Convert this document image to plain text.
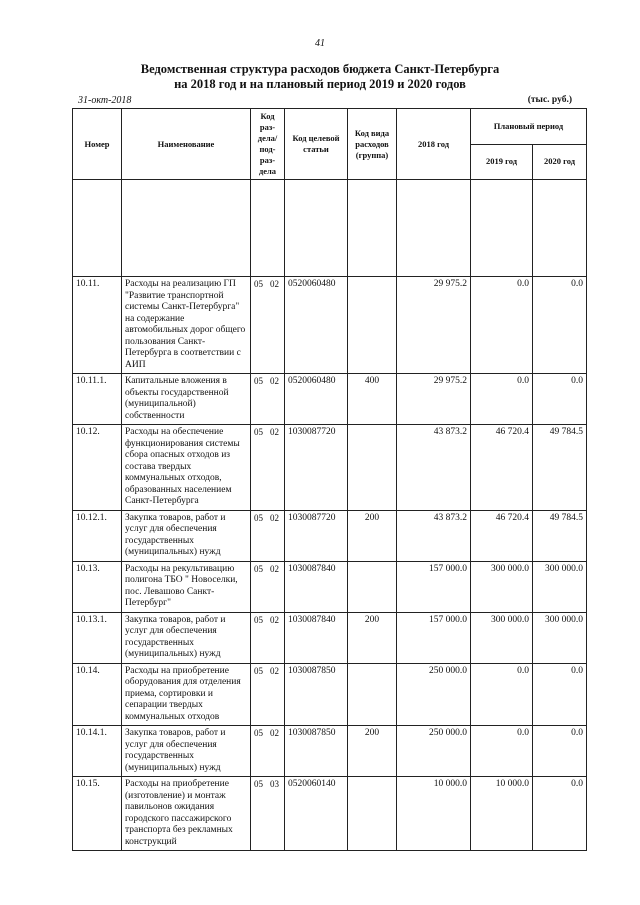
41
Ведомственная структура расходов бюджета Санкт-Петербурга
на 2018 год и на плановый период 2019 и 2020 годов
31-окт-2018	(тыс. руб.)
Номер	Наименование	Код раз-дела/ под-раз-дела	Код целевой статьи	Код вида расходов (группа)	2018 год	Плановый период	
						2019 год	2020 год

10.11.	Расходы на реализацию ГП "Развитие транспортной системы Санкт-Петербурга" на содержание автомобильных дорог общего пользования Санкт-Петербурга в соответствии с АИП	05 02	0520060480		29 975.2	0.0	0.0
10.11.1.	Капитальные вложения в объекты государственной (муниципальной) собственности	05 02	0520060480	400	29 975.2	0.0	0.0
10.12.	Расходы на обеспечение функционирования системы сбора опасных отходов из состава твердых коммунальных отходов, образованных населением Санкт-Петербурга	05 02	1030087720		43 873.2	46 720.4	49 784.5
10.12.1.	Закупка товаров, работ и услуг для обеспечения государственных (муниципальных) нужд	05 02	1030087720	200	43 873.2	46 720.4	49 784.5
10.13.	Расходы на рекультивацию полигона ТБО " Новоселки, пос. Левашово Санкт-Петербург"	05 02	1030087840		157 000.0	300 000.0	300 000.0
10.13.1.	Закупка товаров, работ и услуг для обеспечения государственных (муниципальных) нужд	05 02	1030087840	200	157 000.0	300 000.0	300 000.0
10.14.	Расходы на приобретение оборудования для отделения приема, сортировки и сепарации твердых коммунальных отходов	05 02	1030087850		250 000.0	0.0	0.0
10.14.1.	Закупка товаров, работ и услуг для обеспечения государственных (муниципальных) нужд	05 02	1030087850	200	250 000.0	0.0	0.0
10.15.	Расходы на приобретение (изготовление) и монтаж павильонов ожидания городского пассажирского транспорта без рекламных конструкций	05 03	0520060140		10 000.0	10 000.0	0.0
